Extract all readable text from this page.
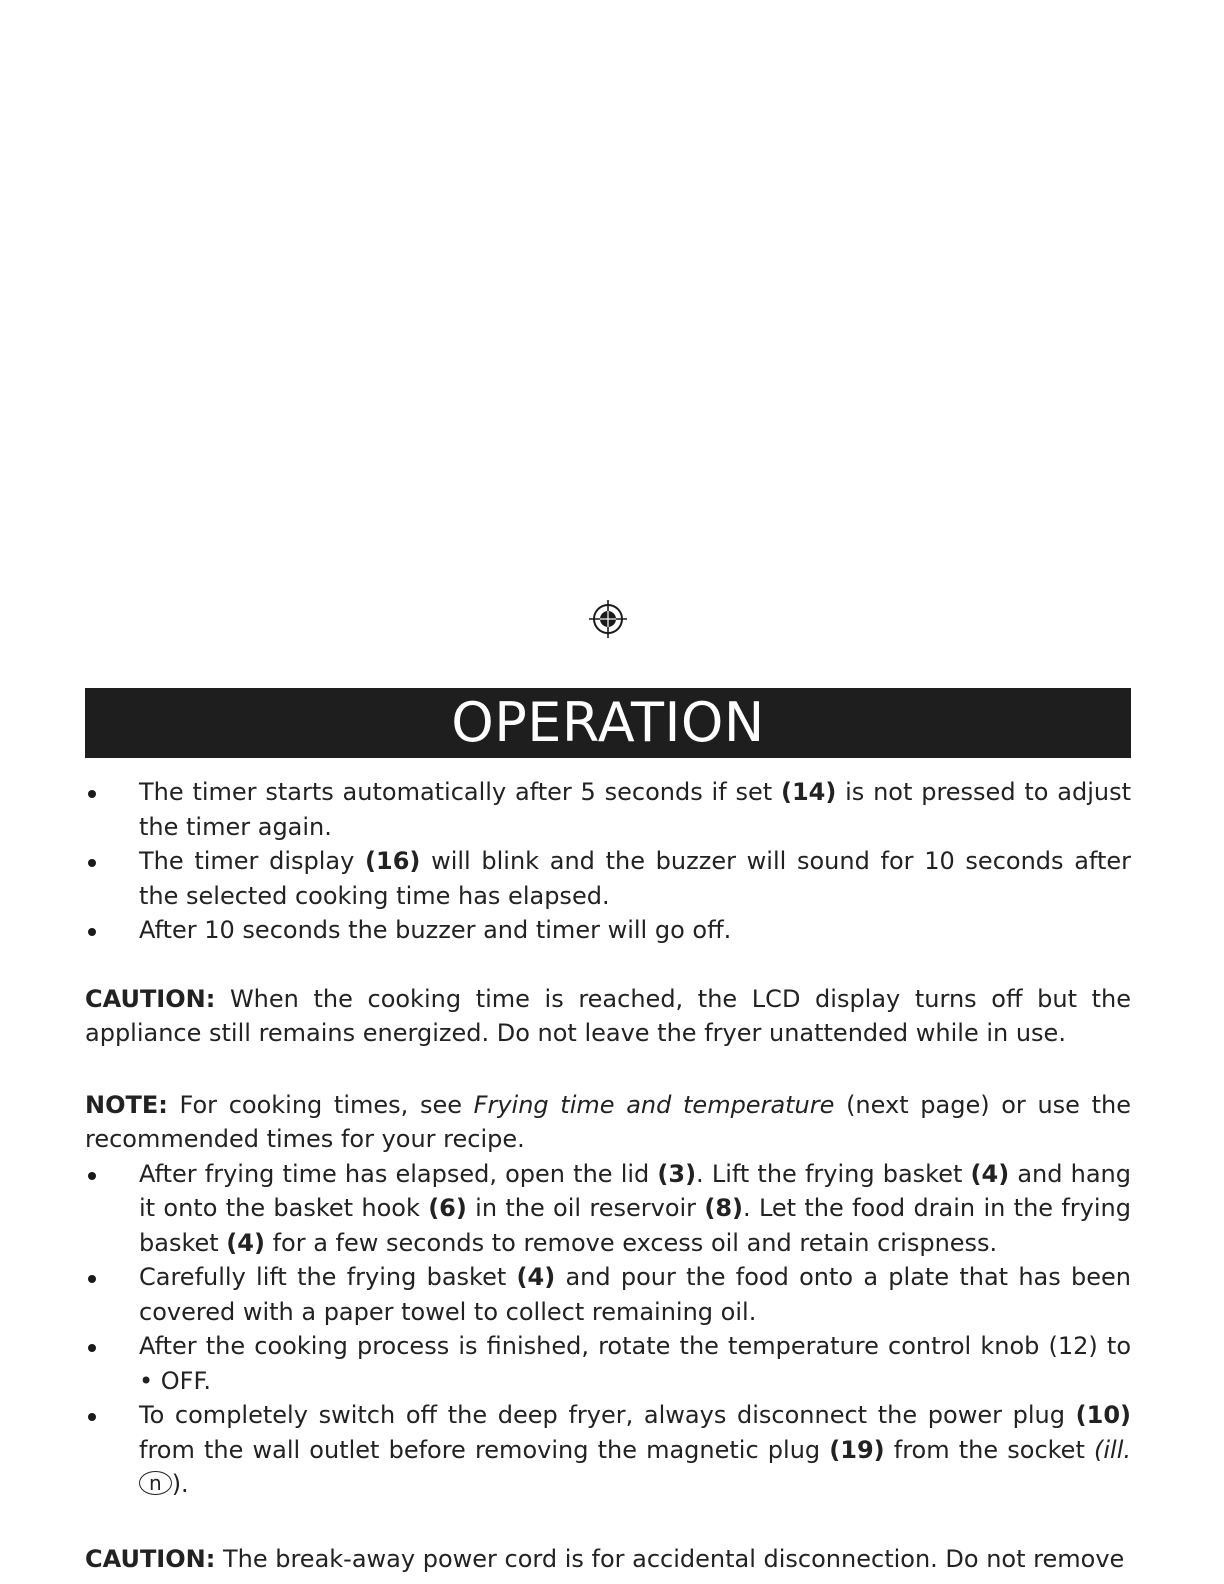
OPERATION
The timer starts automatically after 5 seconds if set (14) is not pressed to adjust the timer again.
The timer display (16) will blink and the buzzer will sound for 10 seconds after the selected cooking time has elapsed.
After 10 seconds the buzzer and timer will go off.

CAUTION: When the cooking time is reached, the LCD display turns off but the appliance still remains energized. Do not leave the fryer unattended while in use.

NOTE: For cooking times, see Frying time and temperature (next page) or use the recommended times for your recipe.

After frying time has elapsed, open the lid (3). Lift the frying basket (4) and hang it onto the basket hook (6) in the oil reservoir (8). Let the food drain in the frying basket (4) for a few seconds to remove excess oil and retain crispness.
Carefully lift the frying basket (4) and pour the food onto a plate that has been covered with a paper towel to collect remaining oil.
After the cooking process is finished, rotate the temperature control knob (12) to • OFF.
To completely switch off the deep fryer, always disconnect the power plug (10) from the wall outlet before removing the magnetic plug (19) from the socket (ill. n ).

CAUTION: The break-away power cord is for accidental disconnection. Do not remove
